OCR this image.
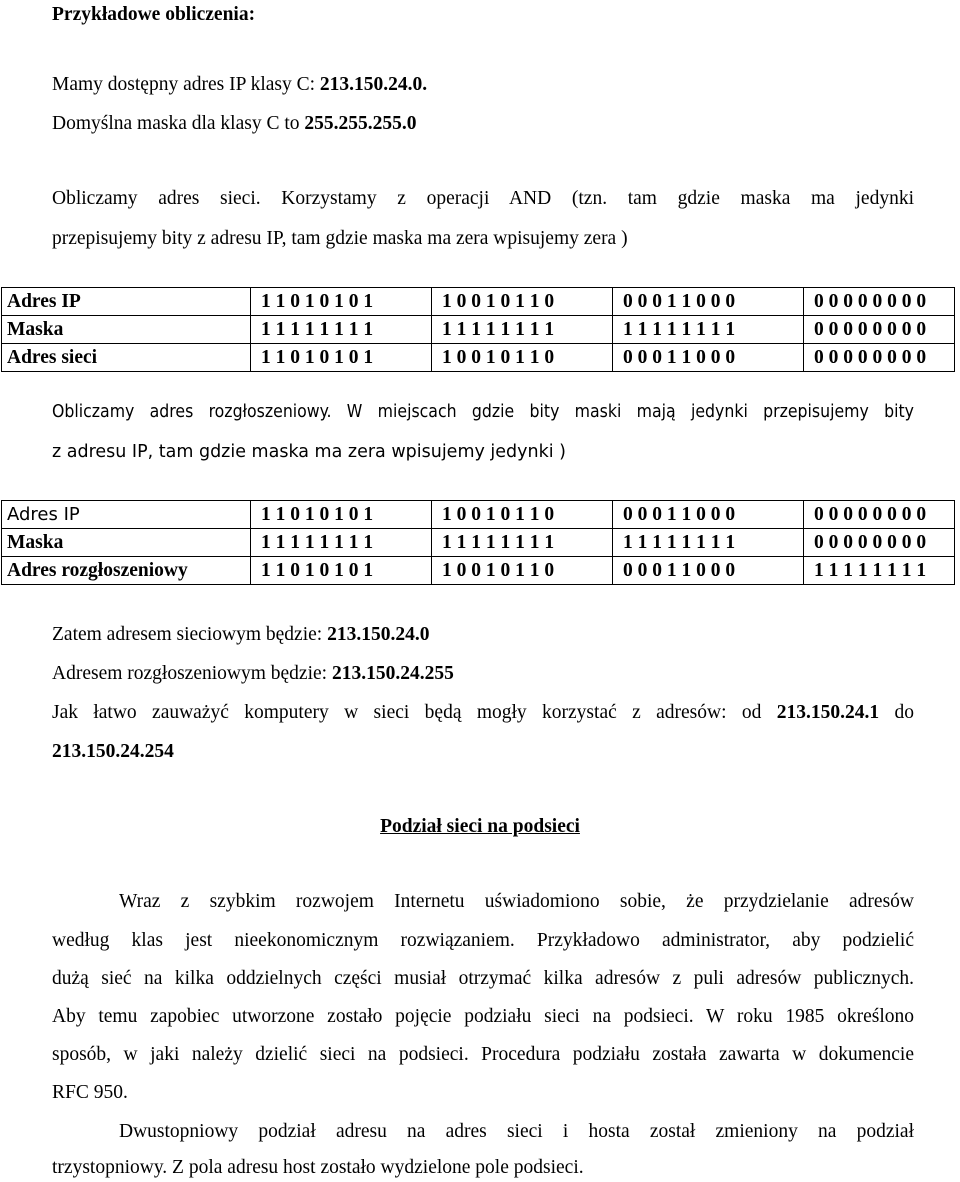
Przykładowe obliczenia:
Mamy dostępny adres IP klasy C: 213.150.24.0.
Domyślna maska dla klasy C to 255.255.255.0
Obliczamy adres sieci. Korzystamy z operacji AND (tzn. tam gdzie maska ma jedynki
przepisujemy bity z adresu IP, tam gdzie maska ma zera wpisujemy zera )
Adres IP	1 1 0 1 0 1 0 1	1 0 0 1 0 1 1 0	0 0 0 1 1 0 0 0	0 0 0 0 0 0 0 0
Maska	1 1 1 1 1 1 1 1	1 1 1 1 1 1 1 1	1 1 1 1 1 1 1 1	0 0 0 0 0 0 0 0
Adres sieci	1 1 0 1 0 1 0 1	1 0 0 1 0 1 1 0	0 0 0 1 1 0 0 0	0 0 0 0 0 0 0 0
Obliczamy adres rozgłoszeniowy. W miejscach gdzie bity maski mają jedynki przepisujemy bity
z adresu IP, tam gdzie maska ma zera wpisujemy jedynki )
Adres IP	1 1 0 1 0 1 0 1	1 0 0 1 0 1 1 0	0 0 0 1 1 0 0 0	0 0 0 0 0 0 0 0
Maska	1 1 1 1 1 1 1 1	1 1 1 1 1 1 1 1	1 1 1 1 1 1 1 1	0 0 0 0 0 0 0 0
Adres rozgłoszeniowy	1 1 0 1 0 1 0 1	1 0 0 1 0 1 1 0	0 0 0 1 1 0 0 0	1 1 1 1 1 1 1 1
Zatem adresem sieciowym będzie: 213.150.24.0
Adresem rozgłoszeniowym będzie: 213.150.24.255
Jak łatwo zauważyć komputery w sieci będą mogły korzystać z adresów: od 213.150.24.1 do
213.150.24.254
Podział sieci na podsieci
Wraz z szybkim rozwojem Internetu uświadomiono sobie, że przydzielanie adresów
według klas jest nieekonomicznym rozwiązaniem. Przykładowo administrator, aby podzielić
dużą sieć na kilka oddzielnych części musiał otrzymać kilka adresów z puli adresów publicznych.
Aby temu zapobiec utworzone zostało pojęcie podziału sieci na podsieci. W roku 1985 określono
sposób, w jaki należy dzielić sieci na podsieci. Procedura podziału została zawarta w dokumencie
RFC 950.
Dwustopniowy podział adresu na adres sieci i hosta został zmieniony na podział
trzystopniowy. Z pola adresu host zostało wydzielone pole podsieci.
